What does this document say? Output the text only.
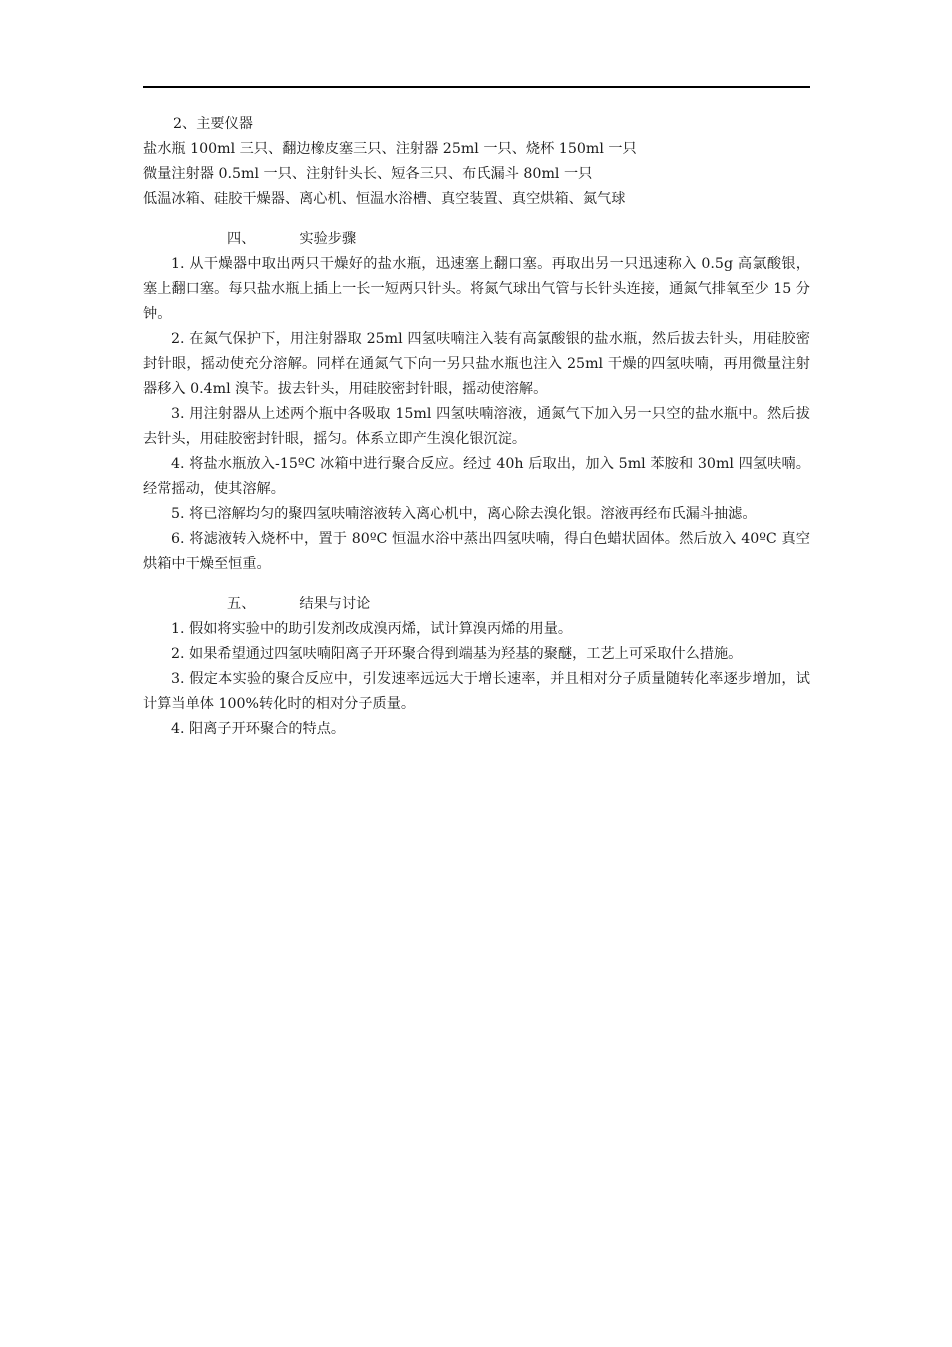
2、主要仪器

盐水瓶 100ml 三只、翻边橡皮塞三只、注射器 25ml 一只、烧杯 150ml 一只

微量注射器 0.5ml 一只、注射针头长、短各三只、布氏漏斗 80ml 一只

低温冰箱、硅胶干燥器、离心机、恒温水浴槽、真空装置、真空烘箱、氮气球

四、	实验步骤

1. 从干燥器中取出两只干燥好的盐水瓶，迅速塞上翻口塞。再取出另一只迅速称入 0.5g 高氯酸银，塞上翻口塞。每只盐水瓶上插上一长一短两只针头。将氮气球出气管与长针头连接，通氮气排氧至少 15 分钟。

2. 在氮气保护下，用注射器取 25ml 四氢呋喃注入装有高氯酸银的盐水瓶，然后拔去针头，用硅胶密封针眼，摇动使充分溶解。同样在通氮气下向一另只盐水瓶也注入 25ml 干燥的四氢呋喃，再用微量注射器移入 0.4ml 溴苄。拔去针头，用硅胶密封针眼，摇动使溶解。

3. 用注射器从上述两个瓶中各吸取 15ml 四氢呋喃溶液，通氮气下加入另一只空的盐水瓶中。然后拔去针头，用硅胶密封针眼，摇匀。体系立即产生溴化银沉淀。

4. 将盐水瓶放入-15ºC 冰箱中进行聚合反应。经过 40h 后取出，加入 5ml 苯胺和 30ml 四氢呋喃。经常摇动，使其溶解。

5. 将已溶解均匀的聚四氢呋喃溶液转入离心机中，离心除去溴化银。溶液再经布氏漏斗抽滤。

6. 将滤液转入烧杯中，置于 80ºC 恒温水浴中蒸出四氢呋喃，得白色蜡状固体。然后放入 40ºC 真空烘箱中干燥至恒重。

五、	结果与讨论

1. 假如将实验中的助引发剂改成溴丙烯，试计算溴丙烯的用量。

2. 如果希望通过四氢呋喃阳离子开环聚合得到端基为羟基的聚醚，工艺上可采取什么措施。

3. 假定本实验的聚合反应中，引发速率远远大于增长速率，并且相对分子质量随转化率逐步增加，试计算当单体 100%转化时的相对分子质量。

4. 阳离子开环聚合的特点。
